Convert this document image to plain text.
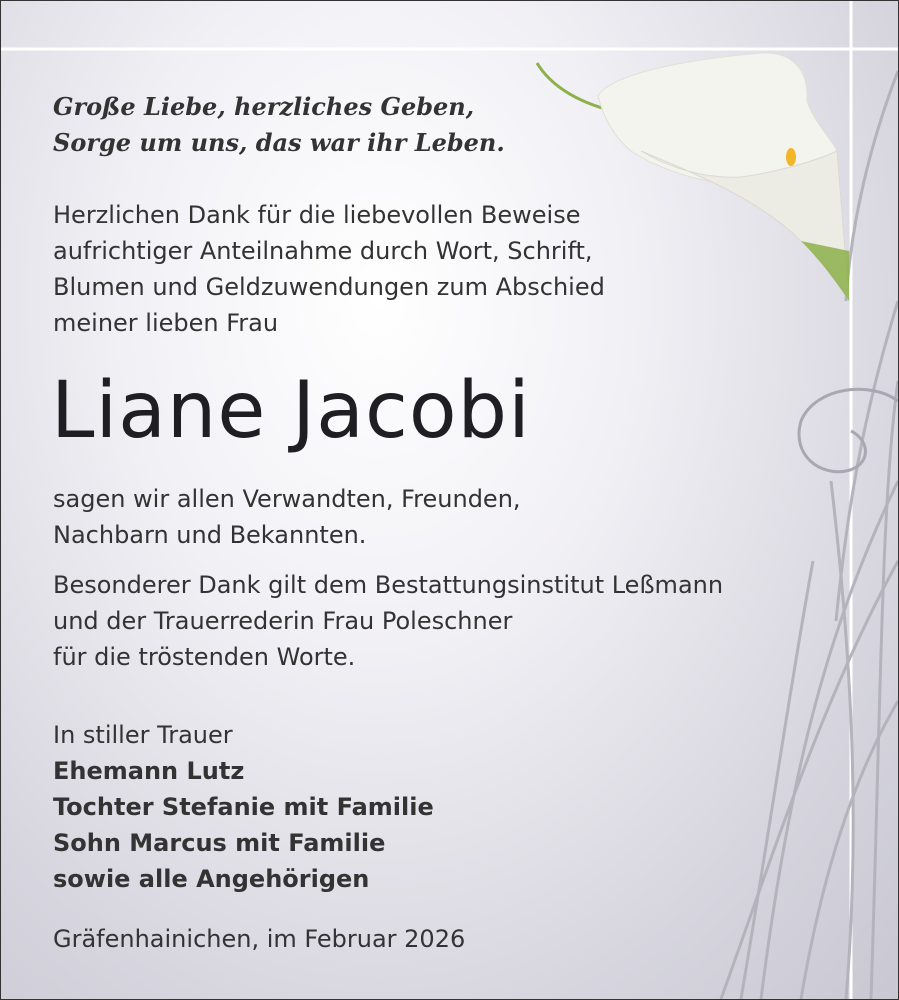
Große Liebe, herzliches Geben,
Sorge um uns, das war ihr Leben.
Herzlichen Dank für die liebevollen Beweise
aufrichtiger Anteilnahme durch Wort, Schrift,
Blumen und Geldzuwendungen zum Abschied
meiner lieben Frau
Liane Jacobi
sagen wir allen Verwandten, Freunden,
Nachbarn und Bekannten.
Besonderer Dank gilt dem Bestattungsinstitut Leßmann
und der Trauerrederin Frau Poleschner
für die tröstenden Worte.
In stiller Trauer
Ehemann Lutz
Tochter Stefanie mit Familie
Sohn Marcus mit Familie
sowie alle Angehörigen
Gräfenhainichen, im Februar 2026
